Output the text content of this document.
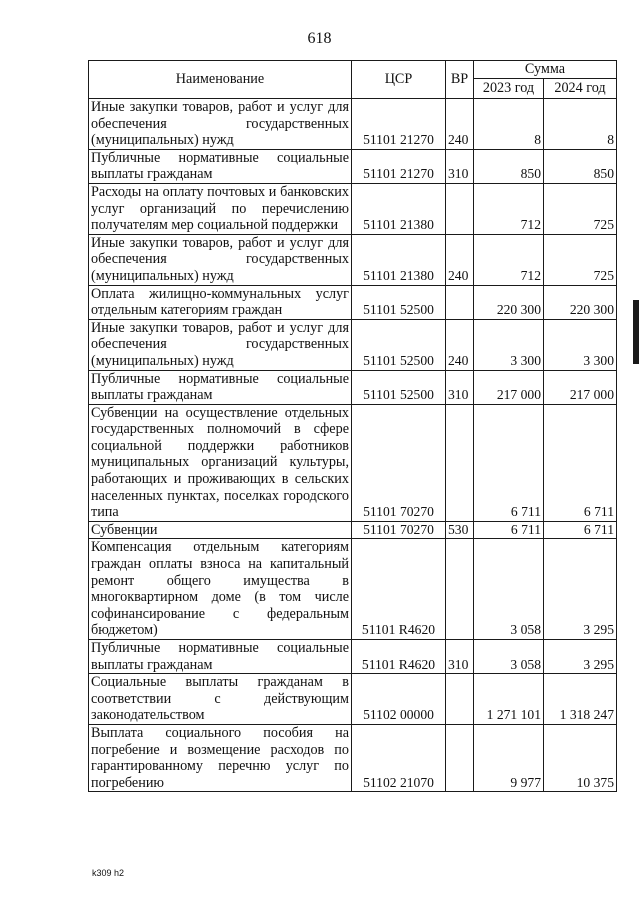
618
Наименование	ЦСР	ВР	Сумма	
			2023 год	2024 год
Иные закупки товаров, работ и услуг для обеспечения государственных (муниципальных) нужд	51101 21270	240	8	8
Публичные нормативные социальные выплаты гражданам	51101 21270	310	850	850
Расходы на оплату почтовых и банковских услуг организаций по перечислению получателям мер социальной поддержки	51101 21380		712	725
Иные закупки товаров, работ и услуг для обеспечения государственных (муниципальных) нужд	51101 21380	240	712	725
Оплата жилищно-коммунальных услуг отдельным категориям граждан	51101 52500		220 300	220 300
Иные закупки товаров, работ и услуг для обеспечения государственных (муниципальных) нужд	51101 52500	240	3 300	3 300
Публичные нормативные социальные выплаты гражданам	51101 52500	310	217 000	217 000
Субвенции на осуществление отдельных государственных полномочий в сфере социальной поддержки работников муниципальных организаций культуры, работающих и проживающих в сельских населенных пунктах, поселках городского типа	51101 70270		6 711	6 711
Субвенции	51101 70270	530	6 711	6 711
Компенсация отдельным категориям граждан оплаты взноса на капитальный ремонт общего имущества в многоквартирном доме (в том числе софинансирование с федеральным бюджетом)	51101 R4620		3 058	3 295
Публичные нормативные социальные выплаты гражданам	51101 R4620	310	3 058	3 295
Социальные выплаты гражданам в соответствии с действующим законодательством	51102 00000		1 271 101	1 318 247
Выплата социального пособия на погребение и возмещение расходов по гарантированному перечню услуг по погребению	51102 21070		9 977	10 375
k309 h2
